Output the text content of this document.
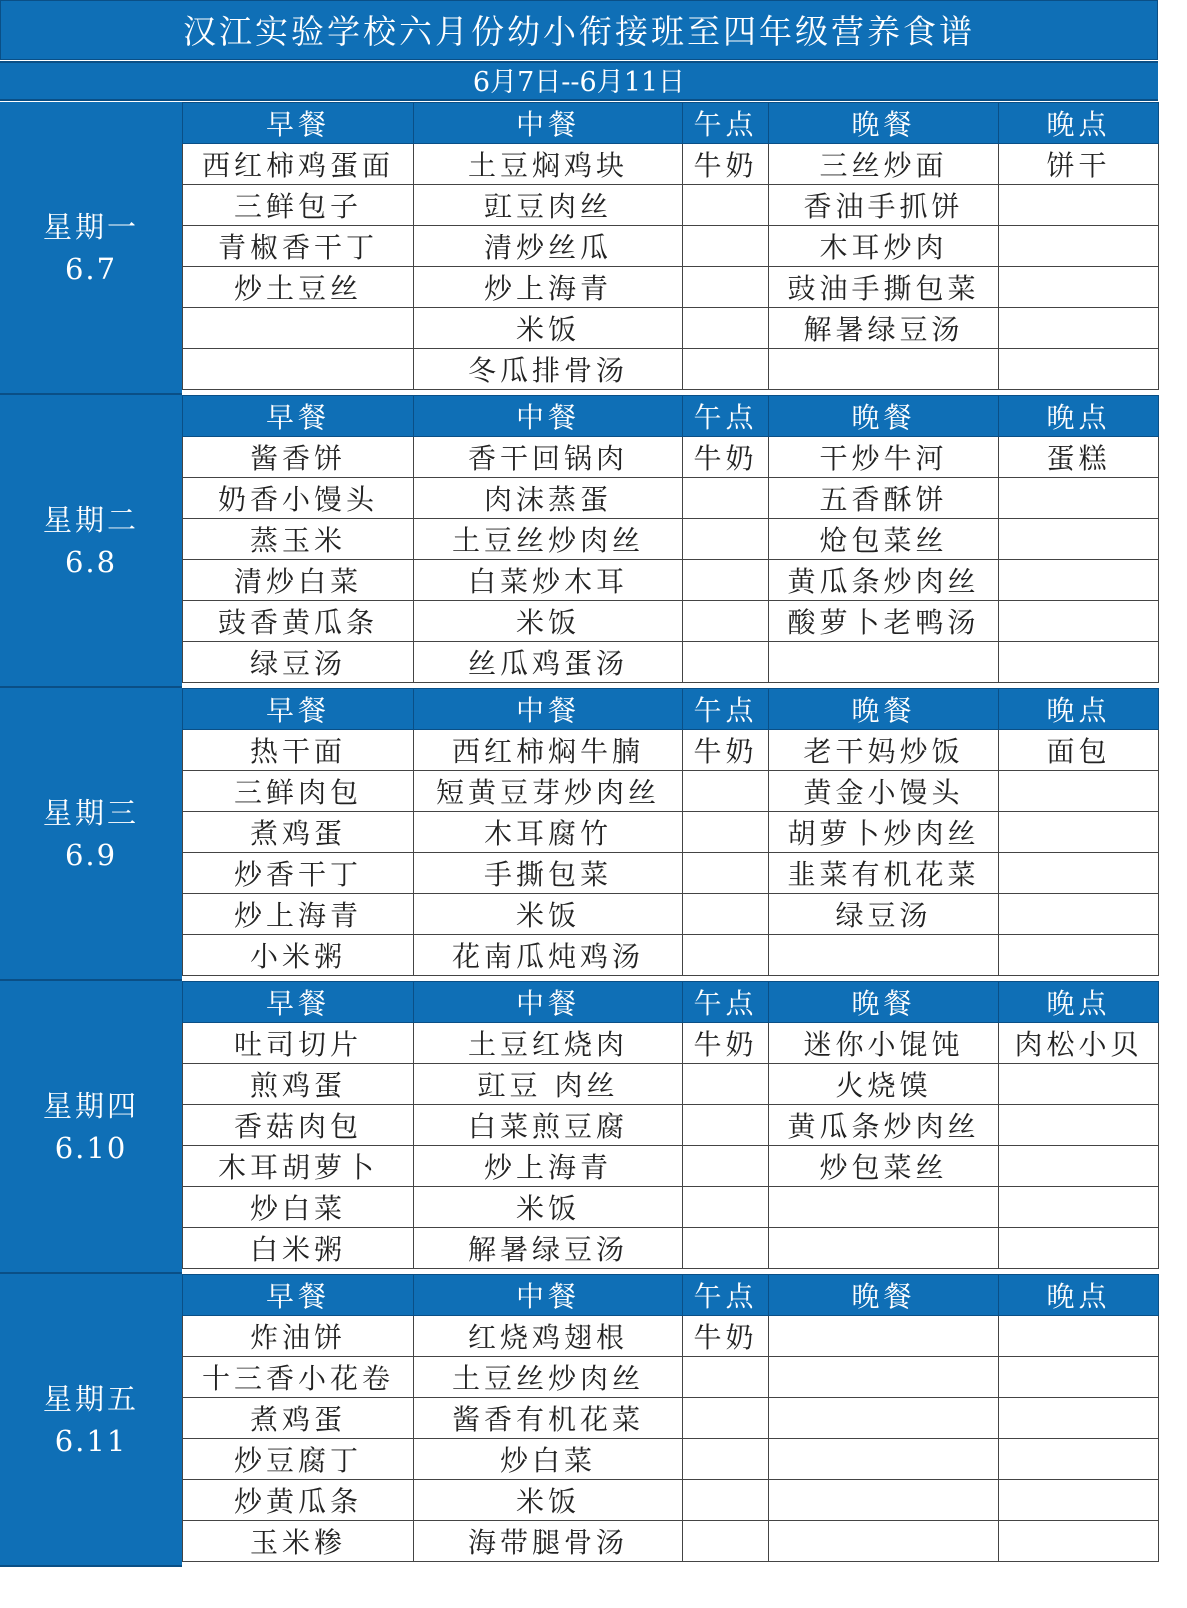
汉江实验学校六月份幼小衔接班至四年级营养食谱
6月7日--6月11日
星期一
6.7
早餐	中餐	午点	晚餐	晚点
西红柿鸡蛋面	土豆焖鸡块	牛奶	三丝炒面	饼干
三鲜包子	豇豆肉丝		香油手抓饼	
青椒香干丁	清炒丝瓜		木耳炒肉	
炒土豆丝	炒上海青		豉油手撕包菜	
	米饭		解暑绿豆汤	
	冬瓜排骨汤			
星期二
6.8
早餐	中餐	午点	晚餐	晚点
酱香饼	香干回锅肉	牛奶	干炒牛河	蛋糕
奶香小馒头	肉沫蒸蛋		五香酥饼	
蒸玉米	土豆丝炒肉丝		炝包菜丝	
清炒白菜	白菜炒木耳		黄瓜条炒肉丝	
豉香黄瓜条	米饭		酸萝卜老鸭汤	
绿豆汤	丝瓜鸡蛋汤			
星期三
6.9
早餐	中餐	午点	晚餐	晚点
热干面	西红柿焖牛腩	牛奶	老干妈炒饭	面包
三鲜肉包	短黄豆芽炒肉丝		黄金小馒头	
煮鸡蛋	木耳腐竹		胡萝卜炒肉丝	
炒香干丁	手撕包菜		韭菜有机花菜	
炒上海青	米饭		绿豆汤	
小米粥	花南瓜炖鸡汤			
星期四
6.10
早餐	中餐	午点	晚餐	晚点
吐司切片	土豆红烧肉	牛奶	迷你小馄饨	肉松小贝
煎鸡蛋	豇豆 肉丝		火烧馍	
香菇肉包	白菜煎豆腐		黄瓜条炒肉丝	
木耳胡萝卜	炒上海青		炒包菜丝	
炒白菜	米饭			
白米粥	解暑绿豆汤			
星期五
6.11
早餐	中餐	午点	晚餐	晚点
炸油饼	红烧鸡翅根	牛奶		
十三香小花卷	土豆丝炒肉丝			
煮鸡蛋	酱香有机花菜			
炒豆腐丁	炒白菜			
炒黄瓜条	米饭			
玉米糁	海带腿骨汤			
